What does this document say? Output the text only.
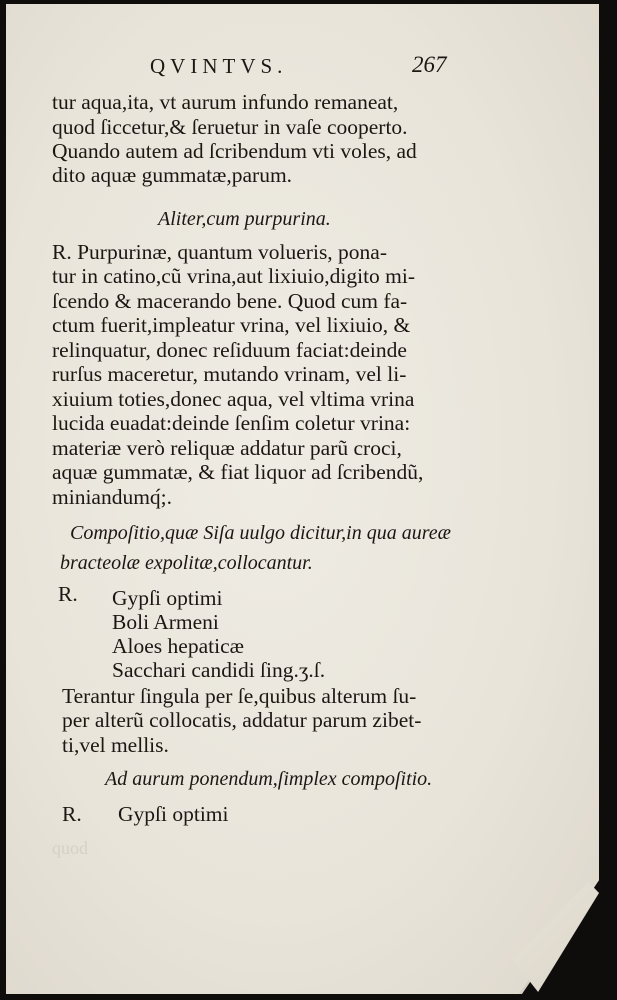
QVINTVS.	267
tur aqua,ita, vt aurum infundo remaneat,
quod ſiccetur,& ſeruetur in vaſe cooperto.
Quando autem ad ſcribendum vti voles, ad
dito aquæ gummatæ,parum.
Aliter,cum purpurina.
R. Purpurinæ, quantum volueris, pona-
tur in catino,cũ vrina,aut lixiuio,digito mi-
ſcendo & macerando bene. Quod cum fa-
ctum fuerit,impleatur vrina, vel lixiuio, &
relinquatur, donec reſiduum faciat:deinde
rurſus maceretur, mutando vrinam, vel li-
xiuium toties,donec aqua, vel vltima vrina
lucida euadat:deinde ſenſim coletur vrina:
materiæ verò reliquæ addatur parũ croci,
aquæ gummatæ, & fiat liquor ad ſcribendũ,
miniandumq́;.
Compoſitio,quæ Siſa uulgo dicitur,in qua aureæ
bracteolæ expolitæ,collocantur.
R. Gypſi optimi
Boli Armeni
Aloes hepaticæ
Sacchari candidi ſing.ʒ.ſ.
Terantur ſingula per ſe,quibus alterum ſu-
per alterũ collocatis, addatur parum zibet-
ti,vel mellis.
Ad aurum ponendum,ſimplex compoſitio.
R. Gypſi optimi
quod
